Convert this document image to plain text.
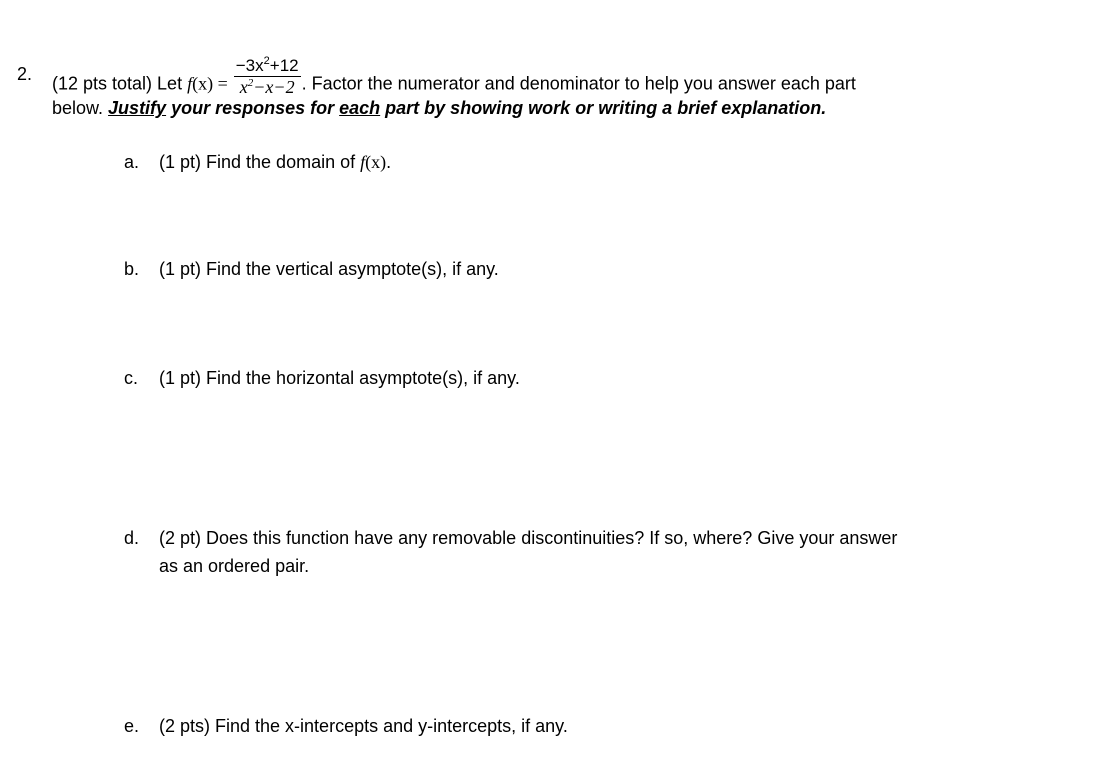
2. (12 pts total) Let $f(x) = \frac{-3x^2+12}{x^2-x-2}$ . Factor the numerator and denominator to help you answer each part
below. Justify your responses for each part by showing work or writing a brief explanation.
a. (1 pt) Find the domain of f(x).
b. (1 pt) Find the vertical asymptote(s), if any.
c. (1 pt) Find the horizontal asymptote(s), if any.
d. (2 pt) Does this function have any removable discontinuities? If so, where? Give your answer
as an ordered pair.
e. (2 pts) Find the x-intercepts and y-intercepts, if any.
